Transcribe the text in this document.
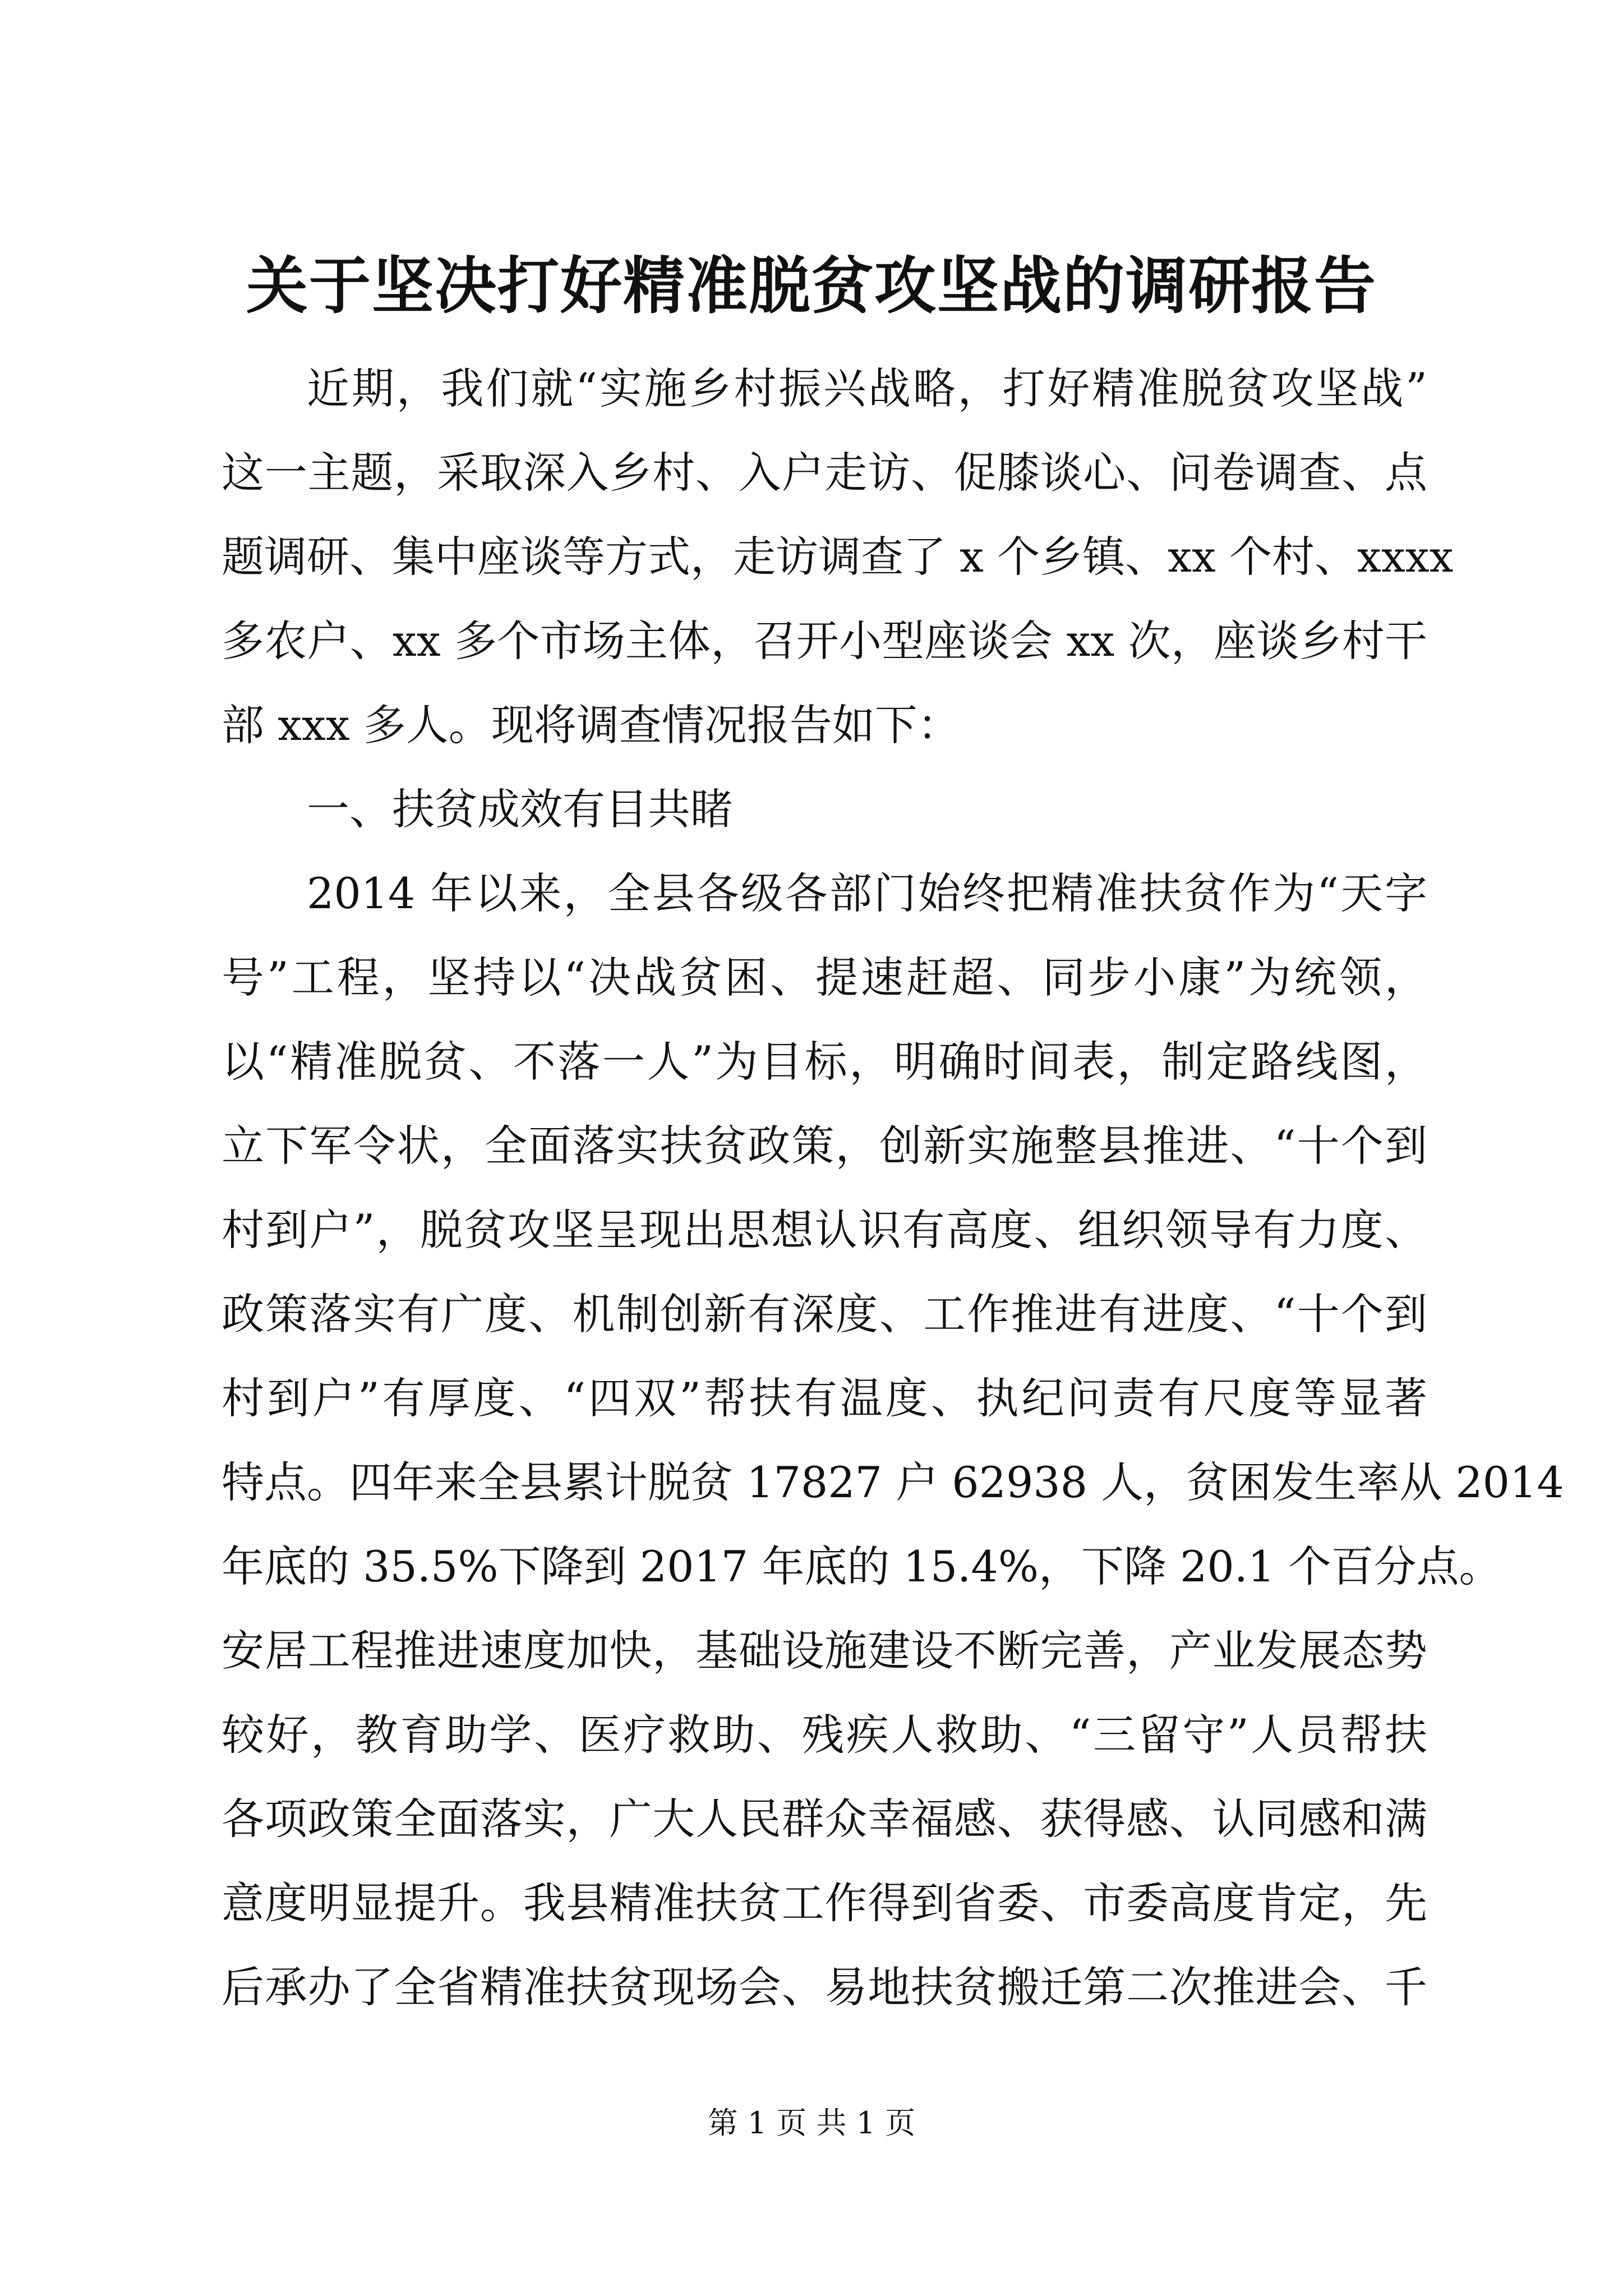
关于坚决打好精准脱贫攻坚战的调研报告
近期，我们就“实施乡村振兴战略，打好精准脱贫攻坚战”
这一主题，采取深入乡村、入户走访、促膝谈心、问卷调查、点
题调研、集中座谈等方式，走访调查了 x 个乡镇、xx 个村、xxxx
多农户、xx 多个市场主体，召开小型座谈会 xx 次，座谈乡村干
部 xxx 多人。现将调查情况报告如下：
一、扶贫成效有目共睹
2014 年以来，全县各级各部门始终把精准扶贫作为“天字
号”工程，坚持以“决战贫困、提速赶超、同步小康”为统领，
以“精准脱贫、不落一人”为目标，明确时间表，制定路线图，
立下军令状，全面落实扶贫政策，创新实施整县推进、“十个到
村到户”，脱贫攻坚呈现出思想认识有高度、组织领导有力度、
政策落实有广度、机制创新有深度、工作推进有进度、“十个到
村到户”有厚度、“四双”帮扶有温度、执纪问责有尺度等显著
特点。四年来全县累计脱贫 17827 户 62938 人，贫困发生率从 2014
年底的 35.5%下降到 2017 年底的 15.4%，下降 20.1 个百分点。
安居工程推进速度加快，基础设施建设不断完善，产业发展态势
较好，教育助学、医疗救助、残疾人救助、“三留守”人员帮扶
各项政策全面落实，广大人民群众幸福感、获得感、认同感和满
意度明显提升。我县精准扶贫工作得到省委、市委高度肯定，先
后承办了全省精准扶贫现场会、易地扶贫搬迁第二次推进会、千
第 1 页 共 1 页
